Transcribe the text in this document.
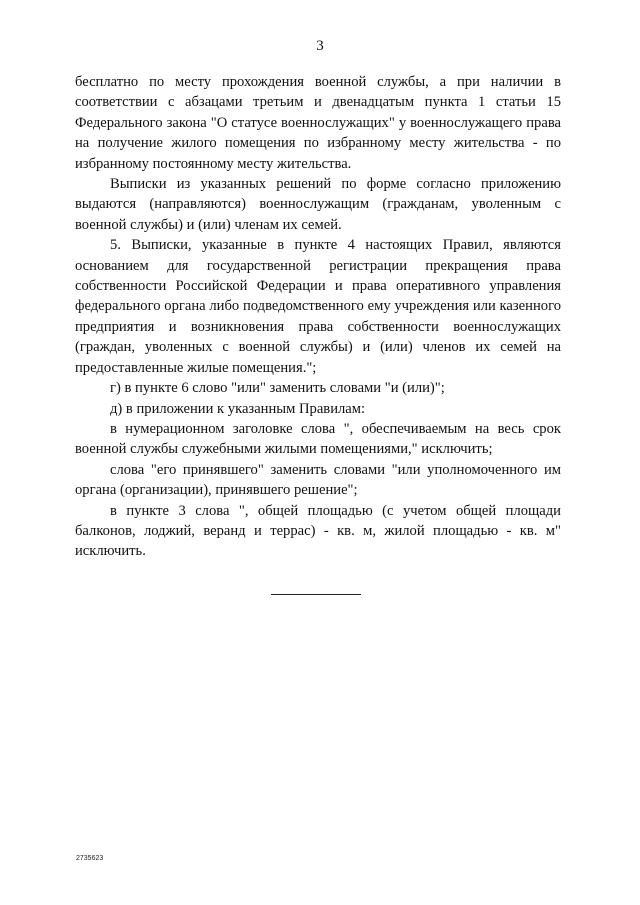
3

бесплатно по месту прохождения военной службы, а при наличии в соответствии с абзацами третьим и двенадцатым пункта 1 статьи 15 Федерального закона "О статусе военнослужащих" у военнослужащего права на получение жилого помещения по избранному месту жительства - по избранному постоянному месту жительства.

Выписки из указанных решений по форме согласно приложению выдаются (направляются) военнослужащим (гражданам, уволенным с военной службы) и (или) членам их семей.

5. Выписки, указанные в пункте 4 настоящих Правил, являются основанием для государственной регистрации прекращения права собственности Российской Федерации и права оперативного управления федерального органа либо подведомственного ему учреждения или казенного предприятия и возникновения права собственности военнослужащих (граждан, уволенных с военной службы) и (или) членов их семей на предоставленные жилые помещения.";

г) в пункте 6 слово "или" заменить словами "и (или)";

д) в приложении к указанным Правилам:

в нумерационном заголовке слова ", обеспечиваемым на весь срок военной службы служебными жилыми помещениями," исключить;

слова "его принявшего" заменить словами "или уполномоченного им органа (организации), принявшего решение";

в пункте 3 слова ", общей площадью (с учетом общей площади балконов, лоджий, веранд и террас) - кв. м, жилой площадью - кв. м" исключить.

2735623
